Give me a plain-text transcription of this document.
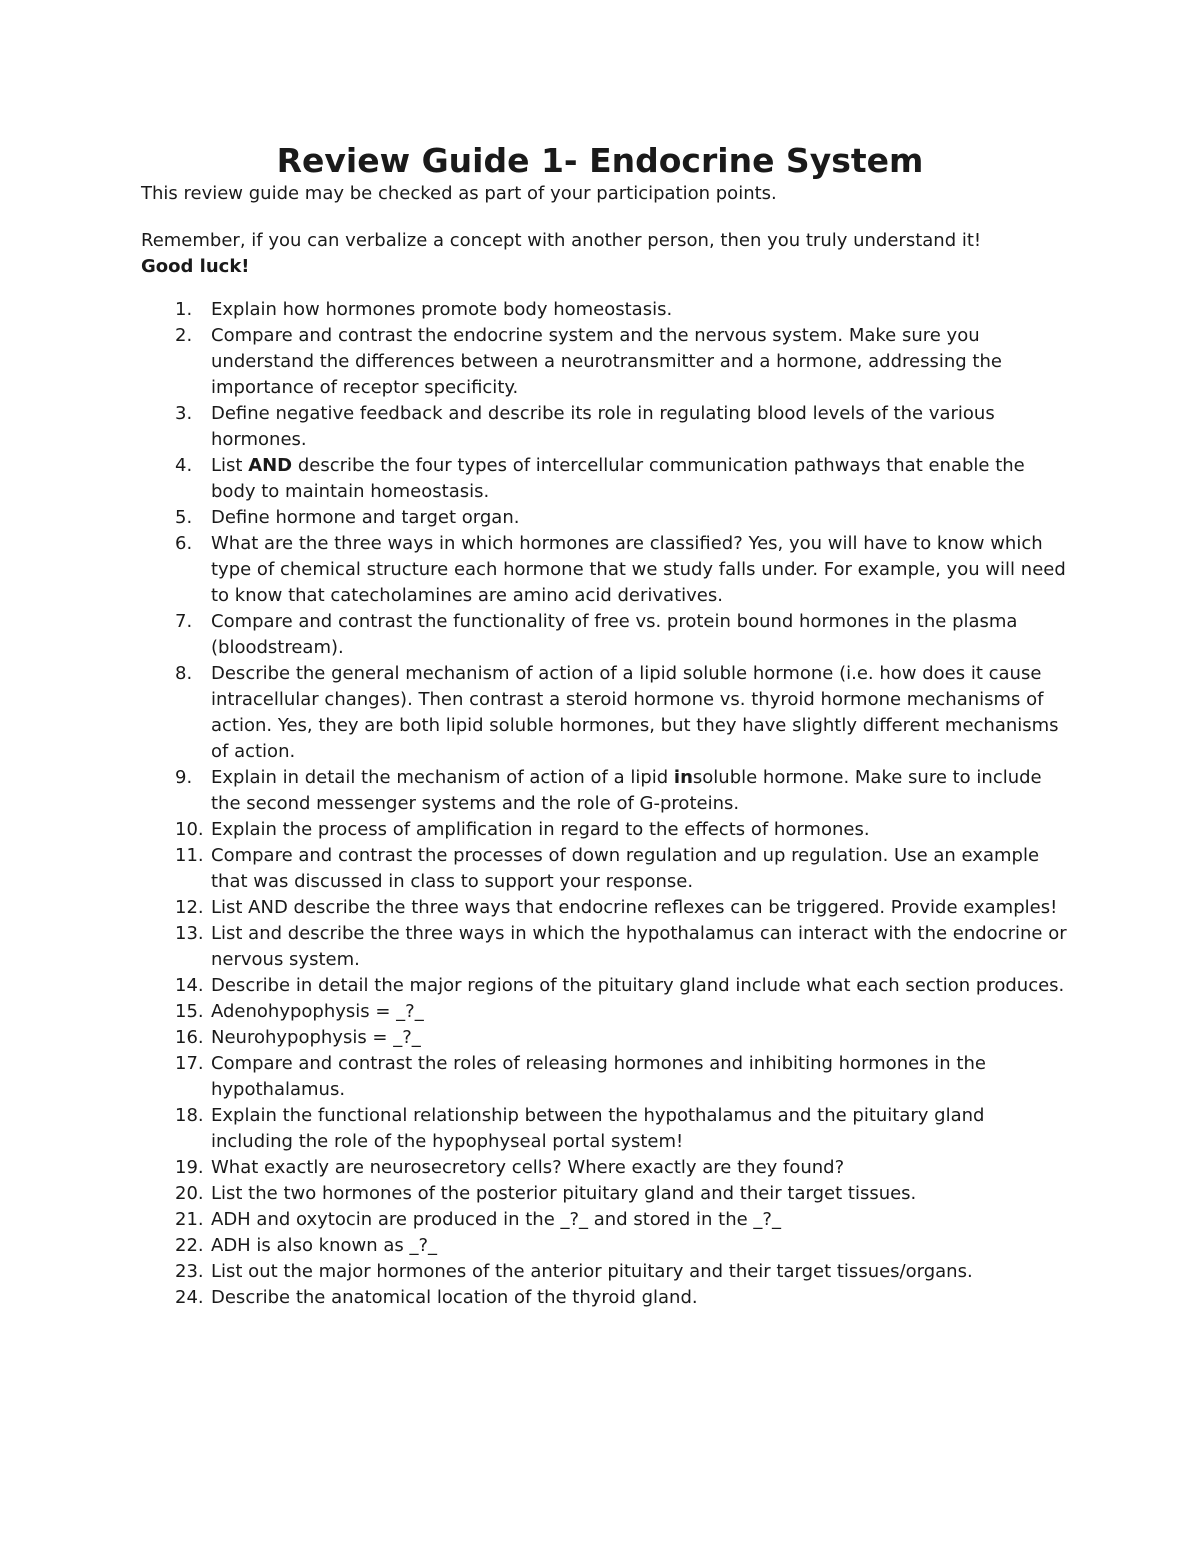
Review Guide 1- Endocrine System

This review guide may be checked as part of your participation points.

Remember, if you can verbalize a concept with another person, then you truly understand it!

Good luck!

1.	Explain how hormones promote body homeostasis.
2.	Compare and contrast the endocrine system and the nervous system. Make sure you understand the differences between a neurotransmitter and a hormone, addressing the importance of receptor specificity.
3.	Define negative feedback and describe its role in regulating blood levels of the various hormones.
4.	List AND describe the four types of intercellular communication pathways that enable the body to maintain homeostasis.
5.	Define hormone and target organ.
6.	What are the three ways in which hormones are classified? Yes, you will have to know which type of chemical structure each hormone that we study falls under. For example, you will need to know that catecholamines are amino acid derivatives.
7.	Compare and contrast the functionality of free vs. protein bound hormones in the plasma (bloodstream).
8.	Describe the general mechanism of action of a lipid soluble hormone (i.e. how does it cause intracellular changes). Then contrast a steroid hormone vs. thyroid hormone mechanisms of action. Yes, they are both lipid soluble hormones, but they have slightly different mechanisms of action.
9.	Explain in detail the mechanism of action of a lipid insoluble hormone. Make sure to include the second messenger systems and the role of G-proteins.
10. Explain the process of amplification in regard to the effects of hormones.
11. Compare and contrast the processes of down regulation and up regulation. Use an example that was discussed in class to support your response.
12. List AND describe the three ways that endocrine reflexes can be triggered. Provide examples!
13. List and describe the three ways in which the hypothalamus can interact with the endocrine or nervous system.
14. Describe in detail the major regions of the pituitary gland include what each section produces.
15. Adenohypophysis = _?_
16. Neurohypophysis = _?_
17. Compare and contrast the roles of releasing hormones and inhibiting hormones in the hypothalamus.
18. Explain the functional relationship between the hypothalamus and the pituitary gland including the role of the hypophyseal portal system!
19. What exactly are neurosecretory cells? Where exactly are they found?
20. List the two hormones of the posterior pituitary gland and their target tissues.
21. ADH and oxytocin are produced in the _?_ and stored in the _?_
22. ADH is also known as _?_
23. List out the major hormones of the anterior pituitary and their target tissues/organs.
24. Describe the anatomical location of the thyroid gland.
